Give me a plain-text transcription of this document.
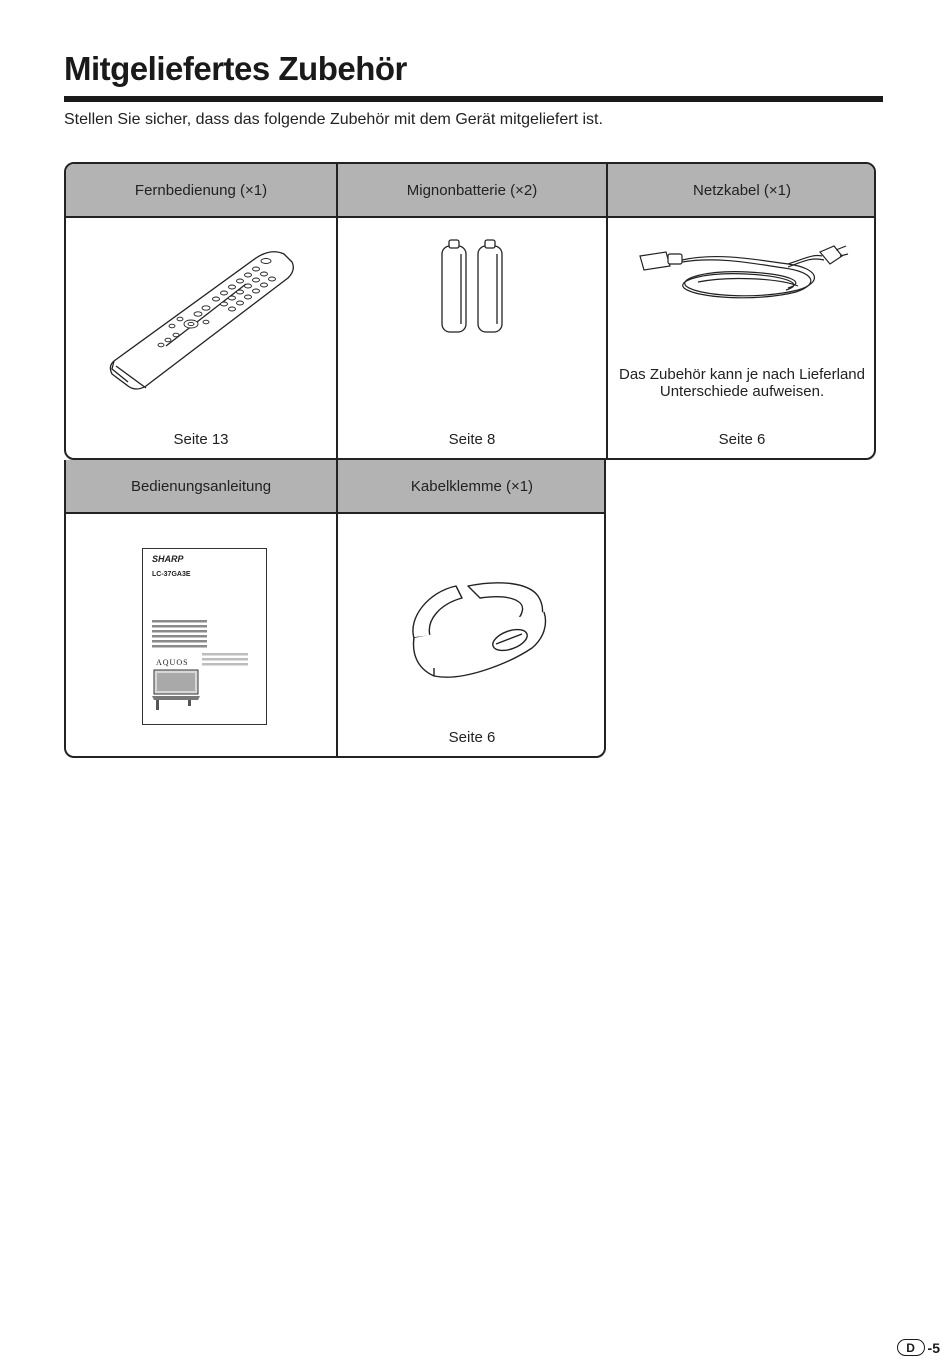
Mitgeliefertes Zubehör
Stellen Sie sicher, dass das folgende Zubehör mit dem Gerät mitgeliefert ist.
Fernbedienung (×1)
Seite 13
Mignonbatterie (×2)
Seite 8
Netzkabel (×1)
Das Zubehör kann je nach Lieferland Unterschiede aufweisen.
Seite 6
Bedienungsanleitung
SHARP
LC-37GA3E
AQUOS
Kabelklemme (×1)
Seite 6
D -5
